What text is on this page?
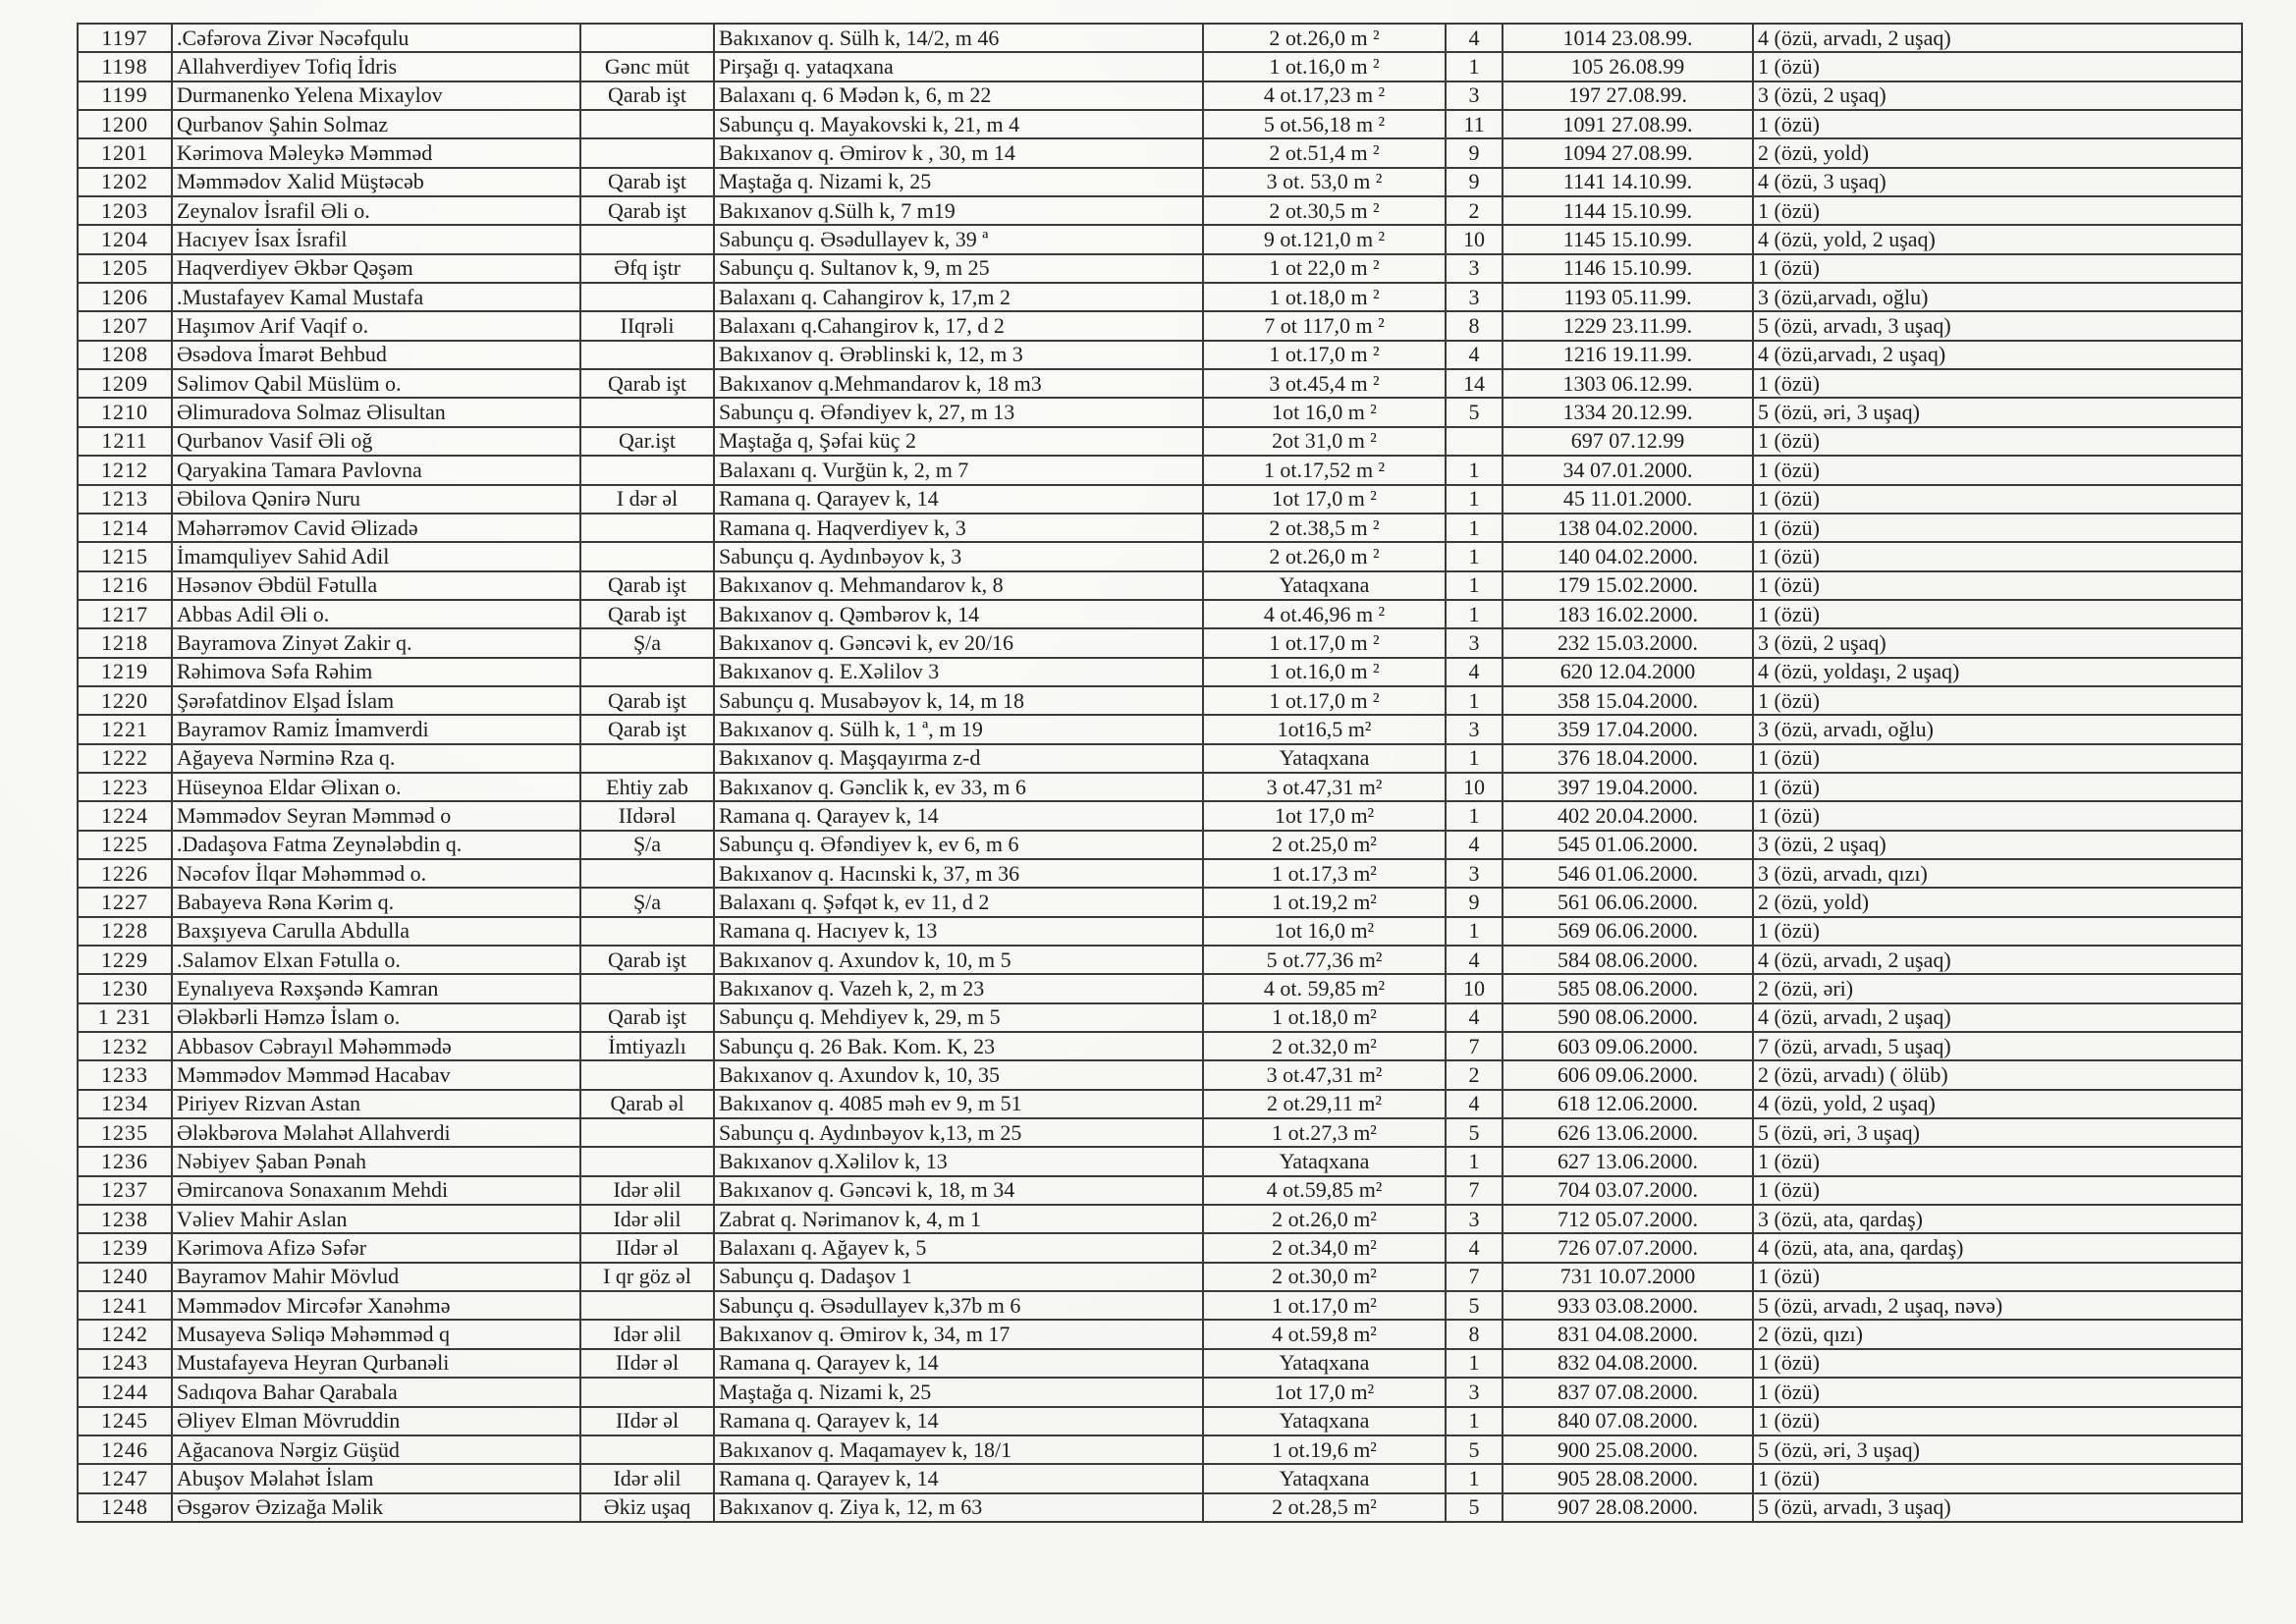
1197	.Cəfərova Zivər Nəcəfqulu		Bakıxanov q. Sülh k, 14/2, m 46	2 ot.26,0 m ²	4	1014 23.08.99.	4 (özü, arvadı, 2 uşaq)
1198	Allahverdiyev Tofiq İdris	Gənc müt	Pirşağı q. yataqxana	1 ot.16,0 m ²	1	105 26.08.99	1 (özü)
1199	Durmanenko Yelena Mixaylov	Qarab işt	Balaxanı q. 6 Mədən k, 6, m 22	4 ot.17,23 m ²	3	197 27.08.99.	3 (özü, 2 uşaq)
1200	Qurbanov Şahin Solmaz		Sabunçu q. Mayakovski k, 21, m 4	5 ot.56,18 m ²	11	1091 27.08.99.	1 (özü)
1201	Kərimova Məleykə Məmməd		Bakıxanov q. Əmirov k , 30, m 14	2 ot.51,4 m ²	9	1094 27.08.99.	2 (özü, yold)
1202	Məmmədov Xalid Müştəcəb	Qarab işt	Maştağa q. Nizami k, 25	3 ot. 53,0 m ²	9	1141 14.10.99.	4 (özü, 3 uşaq)
1203	Zeynalov İsrafil Əli o.	Qarab işt	Bakıxanov q.Sülh k, 7 m19	2 ot.30,5 m ²	2	1144 15.10.99.	1 (özü)
1204	Hacıyev İsax İsrafil		Sabunçu q. Əsədullayev k, 39 ª	9 ot.121,0 m ²	10	1145 15.10.99.	4 (özü, yold, 2 uşaq)
1205	Haqverdiyev Əkbər Qəşəm	Əfq iştr	Sabunçu q. Sultanov k, 9, m 25	1 ot 22,0 m ²	3	1146 15.10.99.	1 (özü)
1206	.Mustafayev Kamal Mustafa		Balaxanı q. Cahangirov k, 17,m 2	1 ot.18,0 m ²	3	1193 05.11.99.	3 (özü,arvadı, oğlu)
1207	Haşımov Arif Vaqif o.	IIqrəli	Balaxanı q.Cahangirov k, 17, d 2	7 ot 117,0 m ²	8	1229 23.11.99.	5 (özü, arvadı, 3 uşaq)
1208	Əsədova İmarət Behbud		Bakıxanov q. Ərəblinski k, 12, m 3	1 ot.17,0 m ²	4	1216 19.11.99.	4 (özü,arvadı, 2 uşaq)
1209	Səlimov Qabil Müslüm o.	Qarab işt	Bakıxanov q.Mehmandarov k, 18 m3	3 ot.45,4 m ²	14	1303 06.12.99.	1 (özü)
1210	Əlimuradova Solmaz Əlisultan		Sabunçu q. Əfəndiyev k, 27, m 13	1ot 16,0 m ²	5	1334 20.12.99.	5 (özü, əri, 3 uşaq)
1211	Qurbanov Vasif Əli oğ	Qar.işt	Maştağa q, Şəfai küç 2	2ot 31,0 m ²		697 07.12.99	1 (özü)
1212	Qaryakina Tamara Pavlovna		Balaxanı q. Vurğün k, 2, m 7	1 ot.17,52 m ²	1	34 07.01.2000.	1 (özü)
1213	Əbilova Qənirə Nuru	I dər əl	Ramana q. Qarayev k, 14	1ot 17,0 m ²	1	45 11.01.2000.	1 (özü)
1214	Məhərrəmov Cavid Əlizadə		Ramana q. Haqverdiyev k, 3	2 ot.38,5 m ²	1	138 04.02.2000.	1 (özü)
1215	İmamquliyev Sahid Adil		Sabunçu q. Aydınbəyov k, 3	2 ot.26,0 m ²	1	140 04.02.2000.	1 (özü)
1216	Həsənov Əbdül Fətulla	Qarab işt	Bakıxanov q. Mehmandarov k, 8	Yataqxana	1	179 15.02.2000.	1 (özü)
1217	Abbas Adil Əli o.	Qarab işt	Bakıxanov q. Qəmbərov k, 14	4 ot.46,96 m ²	1	183 16.02.2000.	1 (özü)
1218	Bayramova Zinyət Zakir q.	Ş/a	Bakıxanov q. Gəncəvi k, ev 20/16	1 ot.17,0 m ²	3	232 15.03.2000.	3 (özü, 2 uşaq)
1219	Rəhimova Səfa Rəhim		Bakıxanov q. E.Xəlilov 3	1 ot.16,0 m ²	4	620 12.04.2000	4 (özü, yoldaşı, 2 uşaq)
1220	Şərəfatdinov Elşad İslam	Qarab işt	Sabunçu q. Musabəyov k, 14, m 18	1 ot.17,0 m ²	1	358 15.04.2000.	1 (özü)
1221	Bayramov Ramiz İmamverdi	Qarab işt	Bakıxanov q. Sülh k, 1 ª, m 19	1ot16,5 m²	3	359 17.04.2000.	3 (özü, arvadı, oğlu)
1222	Ağayeva Nərminə Rza q.		Bakıxanov q. Maşqayırma z-d	Yataqxana	1	376 18.04.2000.	1 (özü)
1223	Hüseynoa Eldar Əlixan o.	Ehtiy zab	Bakıxanov q. Gənclik k, ev 33, m 6	3 ot.47,31 m²	10	397 19.04.2000.	1 (özü)
1224	Məmmədov Seyran Məmməd o	IIdərəl	Ramana q. Qarayev k, 14	1ot 17,0 m²	1	402 20.04.2000.	1 (özü)
1225	.Dadaşova Fatma Zeynələbdin q.	Ş/a	Sabunçu q. Əfəndiyev k, ev 6, m 6	2 ot.25,0 m²	4	545 01.06.2000.	3 (özü, 2 uşaq)
1226	Nəcəfov İlqar Məhəmməd o.		Bakıxanov q. Hacınski k, 37, m 36	1 ot.17,3 m²	3	546 01.06.2000.	3 (özü, arvadı, qızı)
1227	Babayeva Rəna Kərim q.	Ş/a	Balaxanı q. Şəfqət k, ev 11, d 2	1 ot.19,2 m²	9	561 06.06.2000.	2 (özü, yold)
1228	Baxşıyeva Carulla Abdulla		Ramana q. Hacıyev k, 13	1ot 16,0 m²	1	569 06.06.2000.	1 (özü)
1229	.Salamov Elxan Fətulla o.	Qarab işt	Bakıxanov q. Axundov k, 10, m 5	5 ot.77,36 m²	4	584 08.06.2000.	4 (özü, arvadı, 2 uşaq)
1230	Eynalıyeva Rəxşəndə Kamran		Bakıxanov q. Vazeh k, 2, m 23	4 ot. 59,85 m²	10	585 08.06.2000.	2 (özü, əri)
1 231	Ələkbərli Həmzə İslam o.	Qarab işt	Sabunçu q. Mehdiyev k, 29, m 5	1 ot.18,0 m²	4	590 08.06.2000.	4 (özü, arvadı, 2 uşaq)
1232	Abbasov Cəbrayıl Məhəmmədə	İmtiyazlı	Sabunçu q. 26 Bak. Kom. K, 23	2 ot.32,0 m²	7	603 09.06.2000.	7 (özü, arvadı, 5 uşaq)
1233	Məmmədov Məmməd Hacabav		Bakıxanov q. Axundov k, 10, 35	3 ot.47,31 m²	2	606 09.06.2000.	2 (özü, arvadı) ( ölüb)
1234	Piriyev Rizvan Astan	Qarab əl	Bakıxanov q. 4085 məh ev 9, m 51	2 ot.29,11 m²	4	618 12.06.2000.	4 (özü, yold, 2 uşaq)
1235	Ələkbərova Məlahət Allahverdi		Sabunçu q. Aydınbəyov k,13, m 25	1 ot.27,3 m²	5	626 13.06.2000.	5 (özü, əri, 3 uşaq)
1236	Nəbiyev Şaban Pənah		Bakıxanov q.Xəlilov k, 13	Yataqxana	1	627 13.06.2000.	1 (özü)
1237	Əmircanova Sonaxanım Mehdi	Idər əlil	Bakıxanov q. Gəncəvi k, 18, m 34	4 ot.59,85 m²	7	704 03.07.2000.	1 (özü)
1238	Vəliev Mahir Aslan	Idər əlil	Zabrat q. Nərimanov k, 4, m 1	2 ot.26,0 m²	3	712 05.07.2000.	3 (özü, ata, qardaş)
1239	Kərimova Afizə Səfər	IIdər əl	Balaxanı q. Ağayev k, 5	2 ot.34,0 m²	4	726 07.07.2000.	4 (özü, ata, ana, qardaş)
1240	Bayramov Mahir Mövlud	I qr göz əl	Sabunçu q. Dadaşov 1	2 ot.30,0 m²	7	731 10.07.2000	1 (özü)
1241	Məmmədov Mircəfər Xanəhmə		Sabunçu q. Əsədullayev k,37b m 6	1 ot.17,0 m²	5	933 03.08.2000.	5 (özü, arvadı, 2 uşaq, nəvə)
1242	Musayeva Səliqə Məhəmməd q	Idər əlil	Bakıxanov q. Əmirov k, 34, m 17	4 ot.59,8 m²	8	831 04.08.2000.	2 (özü, qızı)
1243	Mustafayeva Heyran Qurbanəli	IIdər əl	Ramana q. Qarayev k, 14	Yataqxana	1	832 04.08.2000.	1 (özü)
1244	Sadıqova Bahar Qarabala		Maştağa q. Nizami k, 25	1ot 17,0 m²	3	837 07.08.2000.	1 (özü)
1245	Əliyev Elman Mövruddin	IIdər əl	Ramana q. Qarayev k, 14	Yataqxana	1	840 07.08.2000.	1 (özü)
1246	Ağacanova Nərgiz Güşüd		Bakıxanov q. Maqamayev k, 18/1	1 ot.19,6 m²	5	900 25.08.2000.	5 (özü, əri, 3 uşaq)
1247	Abuşov Məlahət İslam	Idər əlil	Ramana q. Qarayev k, 14	Yataqxana	1	905 28.08.2000.	1 (özü)
1248	Əsgərov Əzizağa Məlik	Əkiz uşaq	Bakıxanov q. Ziya k, 12, m 63	2 ot.28,5 m²	5	907 28.08.2000.	5 (özü, arvadı, 3 uşaq)
